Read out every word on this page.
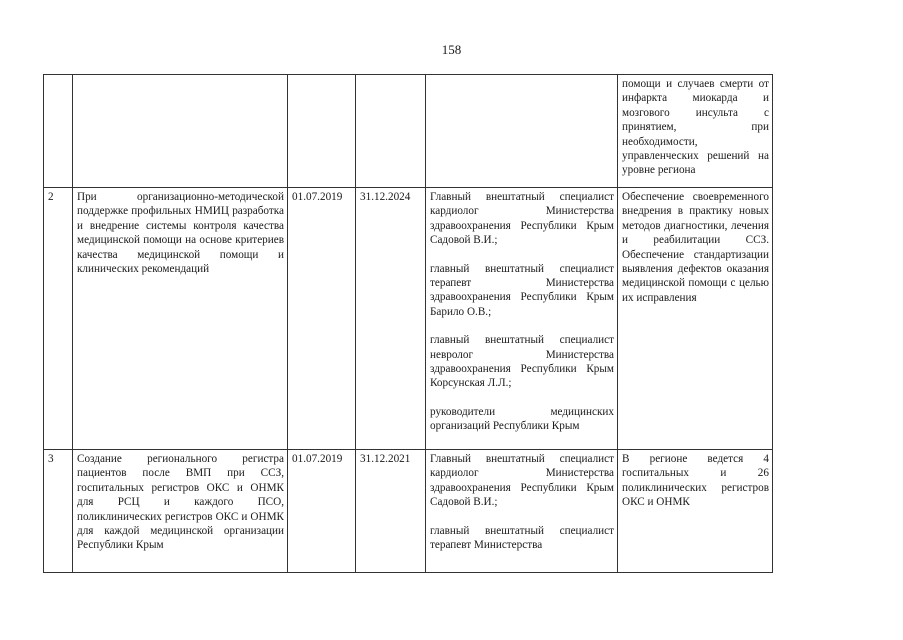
158
					помощи и случаев смерти от инфаркта миокарда и мозгового инсульта с принятием, при необходимости, управленческих решений на уровне региона
2	При организационно-методической поддержке профильных НМИЦ разработка и внедрение системы контроля качества медицинской помощи на основе критериев качества медицинской помощи и клинических рекомендаций	01.07.2019	31.12.2024	Главный внештатный специалист кардиолог Министерства здравоохранения Республики Крым Садовой В.И.;
главный внештатный специалист терапевт Министерства здравоохранения Республики Крым Барило О.В.;
главный внештатный специалист невролог Министерства здравоохранения Республики Крым Корсунская Л.Л.;
руководители медицинских организаций Республики Крым	Обеспечение своевременного внедрения в практику новых методов диагностики, лечения и реабилитации ССЗ. Обеспечение стандартизации выявления дефектов оказания медицинской помощи с целью их исправления
3	Создание регионального регистра пациентов после ВМП при ССЗ, госпитальных регистров ОКС и ОНМК для РСЦ и каждого ПСО, поликлинических регистров ОКС и ОНМК для каждой медицинской организации Республики Крым	01.07.2019	31.12.2021	Главный внештатный специалист кардиолог Министерства здравоохранения Республики Крым Садовой В.И.;
главный внештатный специалист терапевт Министерства	В регионе ведется 4 госпитальных и 26 поликлинических регистров ОКС и ОНМК
